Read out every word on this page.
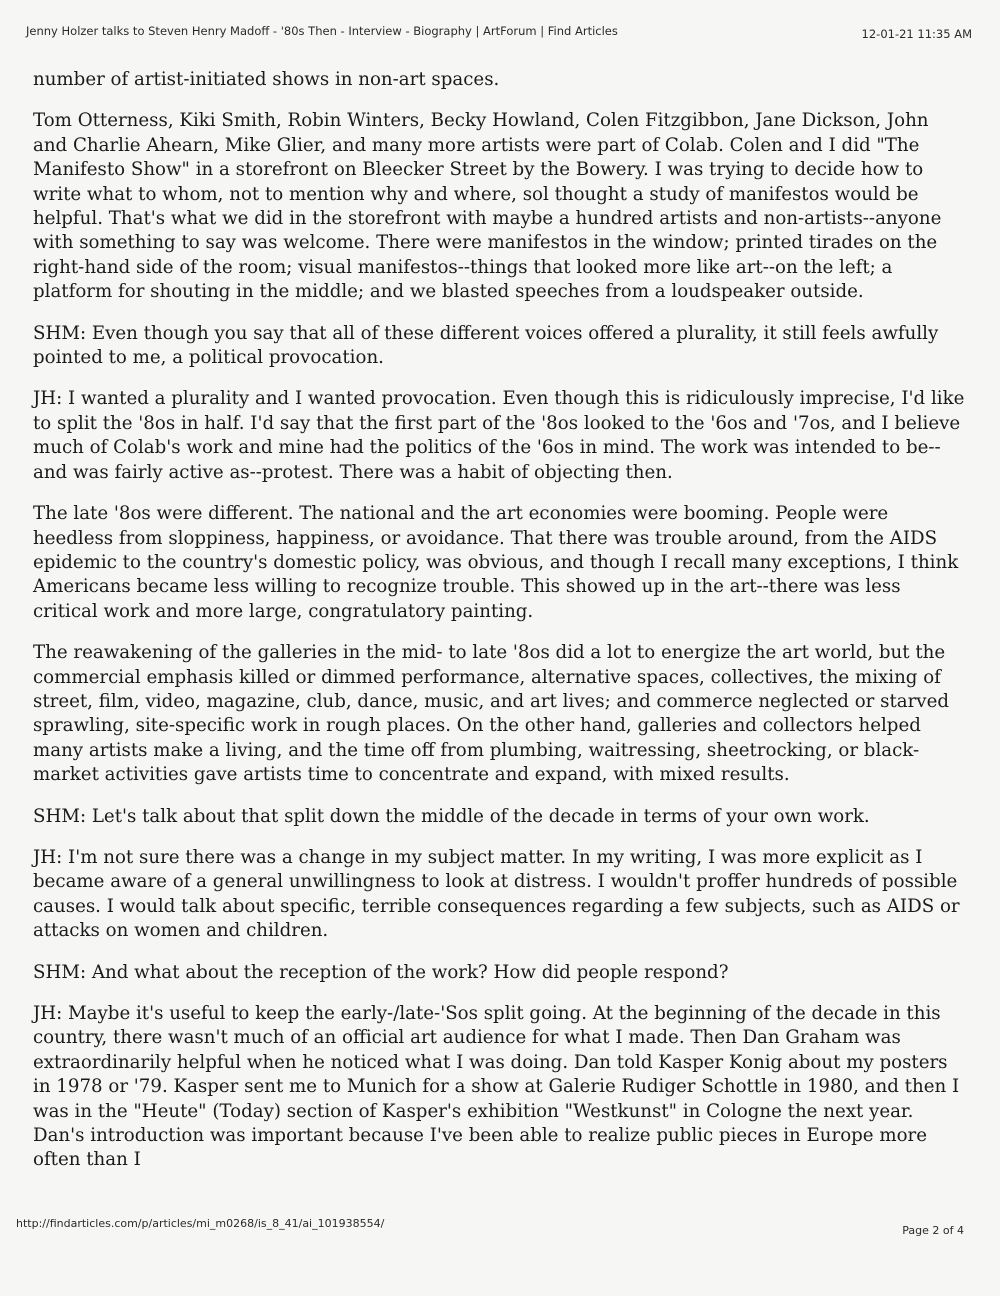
Jenny Holzer talks to Steven Henry Madoff - '80s Then - Interview - Biography | ArtForum | Find Articles	12-01-21 11:35 AM

number of artist-initiated shows in non-art spaces.

Tom Otterness, Kiki Smith, Robin Winters, Becky Howland, Colen Fitzgibbon, Jane Dickson, John and Charlie Ahearn, Mike Glier, and many more artists were part of Colab. Colen and I did "The Manifesto Show" in a storefront on Bleecker Street by the Bowery. I was trying to decide how to write what to whom, not to mention why and where, sol thought a study of manifestos would be helpful. That's what we did in the storefront with maybe a hundred artists and non-artists--anyone with something to say was welcome. There were manifestos in the window; printed tirades on the right-hand side of the room; visual manifestos--things that looked more like art--on the left; a platform for shouting in the middle; and we blasted speeches from a loudspeaker outside.

SHM: Even though you say that all of these different voices offered a plurality, it still feels awfully pointed to me, a political provocation.

JH: I wanted a plurality and I wanted provocation. Even though this is ridiculously imprecise, I'd like to split the '8os in half. I'd say that the first part of the '8os looked to the '6os and '7os, and I believe much of Colab's work and mine had the politics of the '6os in mind. The work was intended to be--and was fairly active as--protest. There was a habit of objecting then.

The late '8os were different. The national and the art economies were booming. People were heedless from sloppiness, happiness, or avoidance. That there was trouble around, from the AIDS epidemic to the country's domestic policy, was obvious, and though I recall many exceptions, I think Americans became less willing to recognize trouble. This showed up in the art--there was less critical work and more large, congratulatory painting.

The reawakening of the galleries in the mid- to late '8os did a lot to energize the art world, but the commercial emphasis killed or dimmed performance, alternative spaces, collectives, the mixing of street, film, video, magazine, club, dance, music, and art lives; and commerce neglected or starved sprawling, site-specific work in rough places. On the other hand, galleries and collectors helped many artists make a living, and the time off from plumbing, waitressing, sheetrocking, or black-market activities gave artists time to concentrate and expand, with mixed results.

SHM: Let's talk about that split down the middle of the decade in terms of your own work.

JH: I'm not sure there was a change in my subject matter. In my writing, I was more explicit as I became aware of a general unwillingness to look at distress. I wouldn't proffer hundreds of possible causes. I would talk about specific, terrible consequences regarding a few subjects, such as AIDS or attacks on women and children.

SHM: And what about the reception of the work? How did people respond?

JH: Maybe it's useful to keep the early-/late-'Sos split going. At the beginning of the decade in this country, there wasn't much of an official art audience for what I made. Then Dan Graham was extraordinarily helpful when he noticed what I was doing. Dan told Kasper Konig about my posters in 1978 or '79. Kasper sent me to Munich for a show at Galerie Rudiger Schottle in 1980, and then I was in the "Heute" (Today) section of Kasper's exhibition "Westkunst" in Cologne the next year. Dan's introduction was important because I've been able to realize public pieces in Europe more often than I

http://findarticles.com/p/articles/mi_m0268/is_8_41/ai_101938554/
Page 2 of 4
